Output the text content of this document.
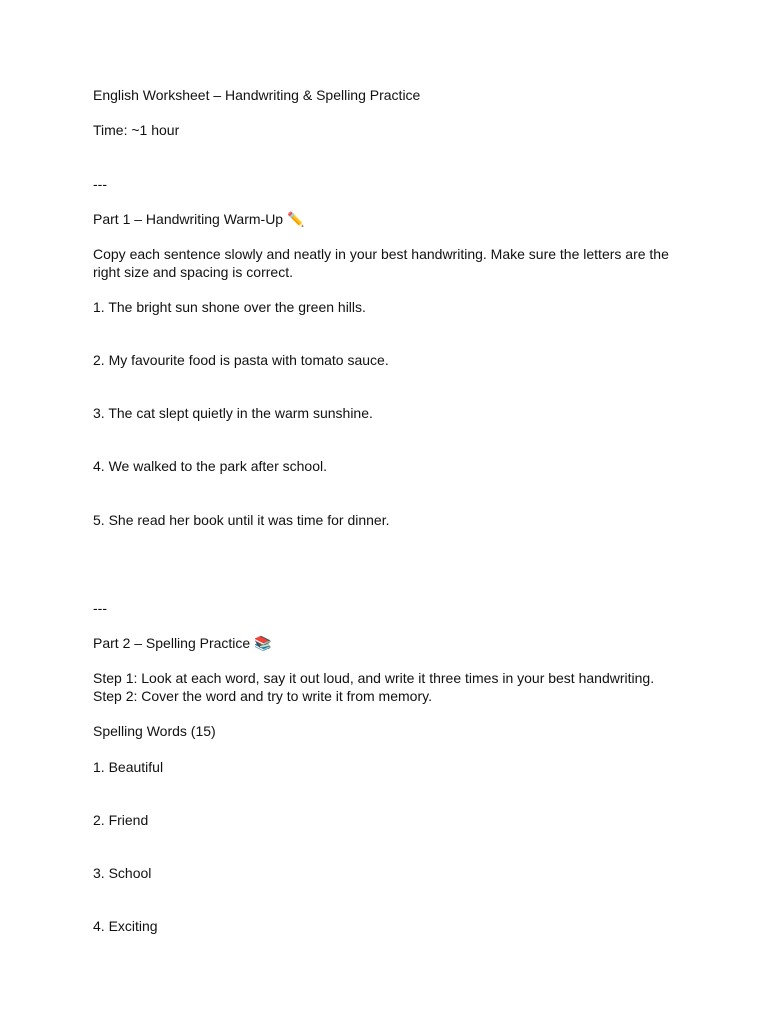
English Worksheet – Handwriting & Spelling Practice
Time: ~1 hour
---
Part 1 – Handwriting Warm-Up ✏️
Copy each sentence slowly and neatly in your best handwriting. Make sure the letters are the right size and spacing is correct.
1. The bright sun shone over the green hills.
2. My favourite food is pasta with tomato sauce.
3. The cat slept quietly in the warm sunshine.
4. We walked to the park after school.
5. She read her book until it was time for dinner.
---
Part 2 – Spelling Practice 📚
Step 1: Look at each word, say it out loud, and write it three times in your best handwriting.
Step 2: Cover the word and try to write it from memory.
Spelling Words (15)
1. Beautiful
2. Friend
3. School
4. Exciting
